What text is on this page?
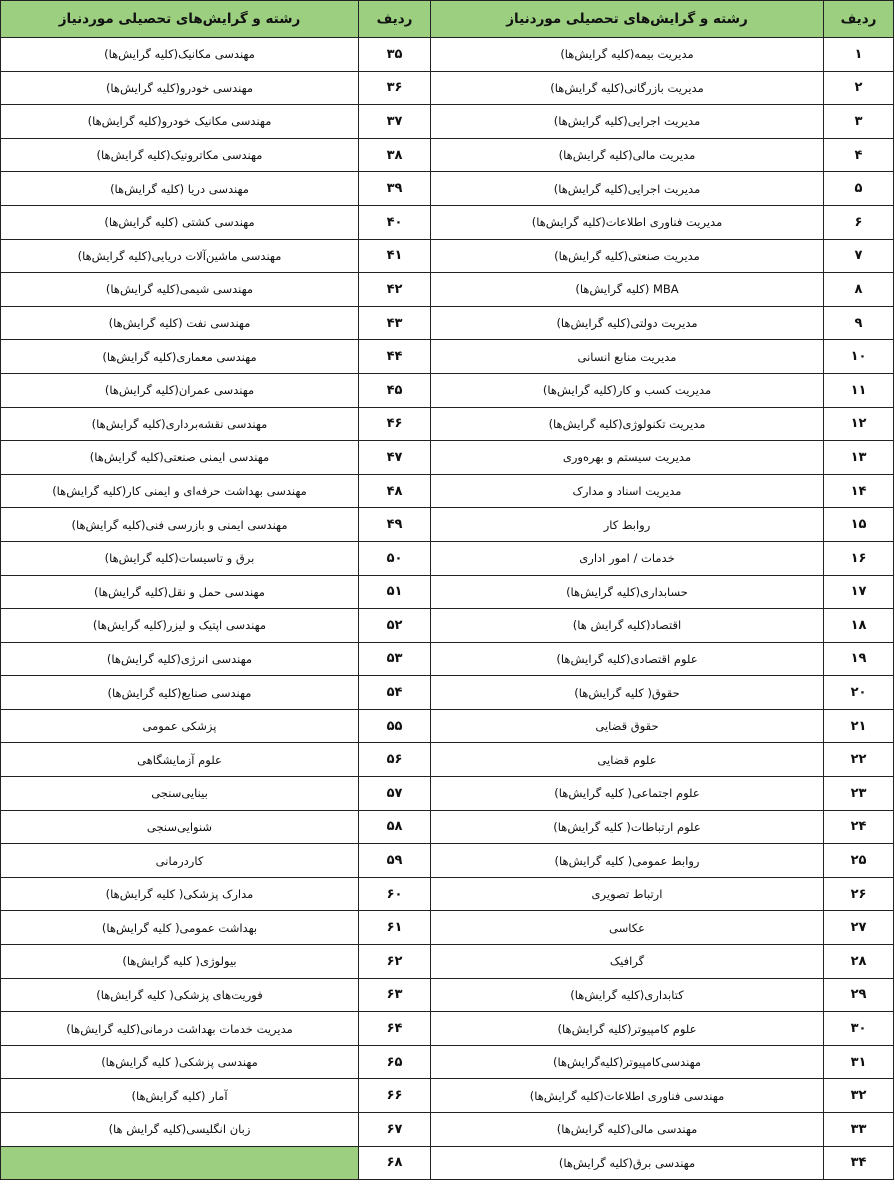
ردیف	رشته و گرایش‌های تحصیلی موردنیاز	ردیف	رشته و گرایش‌های تحصیلی موردنیاز
۱	مدیریت بیمه(کلیه گرایش‌ها)	۳۵	مهندسی مکانیک(کلیه گرایش‌ها)
۲	مدیریت بازرگانی(کلیه گرایش‌ها)	۳۶	مهندسی خودرو(کلیه گرایش‌ها)
۳	مدیریت اجرایی(کلیه گرایش‌ها)	۳۷	مهندسی مکانیک خودرو(کلیه گرایش‌ها)
۴	مدیریت مالی(کلیه گرایش‌ها)	۳۸	مهندسی مکاترونیک(کلیه گرایش‌ها)
۵	مدیریت اجرایی(کلیه گرایش‌ها)	۳۹	مهندسی دریا (کلیه گرایش‌ها)
۶	مدیریت فناوری اطلاعات(کلیه گرایش‌ها)	۴۰	مهندسی کشتی (کلیه گرایش‌ها)
۷	مدیریت صنعتی(کلیه گرایش‌ها)	۴۱	مهندسی ماشین‌آلات دریایی(کلیه گرایش‌ها)
۸	MBA (کلیه گرایش‌ها)	۴۲	مهندسی شیمی(کلیه گرایش‌ها)
۹	مدیریت دولتی(کلیه گرایش‌ها)	۴۳	مهندسی نفت (کلیه گرایش‌ها)
۱۰	مدیریت منابع انسانی	۴۴	مهندسی معماری(کلیه گرایش‌ها)
۱۱	مدیریت کسب و کار(کلیه گرایش‌ها)	۴۵	مهندسی عمران(کلیه گرایش‌ها)
۱۲	مدیریت تکنولوژی(کلیه گرایش‌ها)	۴۶	مهندسی نقشه‌برداری(کلیه گرایش‌ها)
۱۳	مدیریت سیستم و بهره‌وری	۴۷	مهندسی ایمنی صنعتی(کلیه گرایش‌ها)
۱۴	مدیریت اسناد و مدارک	۴۸	مهندسی بهداشت حرفه‌ای و ایمنی کار(کلیه گرایش‌ها)
۱۵	روابط کار	۴۹	مهندسی ایمنی و بازرسی فنی(کلیه گرایش‌ها)
۱۶	خدمات / امور اداری	۵۰	برق و تاسیسات(کلیه گرایش‌ها)
۱۷	حسابداری(کلیه گرایش‌ها)	۵۱	مهندسی حمل و نقل(کلیه گرایش‌ها)
۱۸	اقتصاد(کلیه گرایش ها)	۵۲	مهندسی اپتیک و لیزر(کلیه گرایش‌ها)
۱۹	علوم اقتصادی(کلیه گرایش‌ها)	۵۳	مهندسی انرژی(کلیه گرایش‌ها)
۲۰	حقوق( کلیه گرایش‌ها)	۵۴	مهندسی صنایع(کلیه گرایش‌ها)
۲۱	حقوق قضایی	۵۵	پزشکی عمومی
۲۲	علوم قضایی	۵۶	علوم آزمایشگاهی
۲۳	علوم اجتماعی( کلیه گرایش‌ها)	۵۷	بینایی‌سنجی
۲۴	علوم ارتباطات( کلیه گرایش‌ها)	۵۸	شنوایی‌سنجی
۲۵	روابط عمومی( کلیه گرایش‌ها)	۵۹	کاردرمانی
۲۶	ارتباط تصویری	۶۰	مدارک پزشکی( کلیه گرایش‌ها)
۲۷	عکاسی	۶۱	بهداشت عمومی( کلیه گرایش‌ها)
۲۸	گرافیک	۶۲	بیولوژی( کلیه گرایش‌ها)
۲۹	کتابداری(کلیه گرایش‌ها)	۶۳	فوریت‌های پزشکی( کلیه گرایش‌ها)
۳۰	علوم کامپیوتر(کلیه گرایش‌ها)	۶۴	مدیریت خدمات بهداشت درمانی(کلیه گرایش‌ها)
۳۱	مهندسی‌کامپیوتر(کلیه‌گرایش‌ها)	۶۵	مهندسی پزشکی( کلیه گرایش‌ها)
۳۲	مهندسی فناوری اطلاعات(کلیه گرایش‌ها)	۶۶	آمار (کلیه گرایش‌ها)
۳۳	مهندسی مالی(کلیه گرایش‌ها)	۶۷	زبان انگلیسی(کلیه گرایش ها)
۳۴	مهندسی برق(کلیه گرایش‌ها)	۶۸	
